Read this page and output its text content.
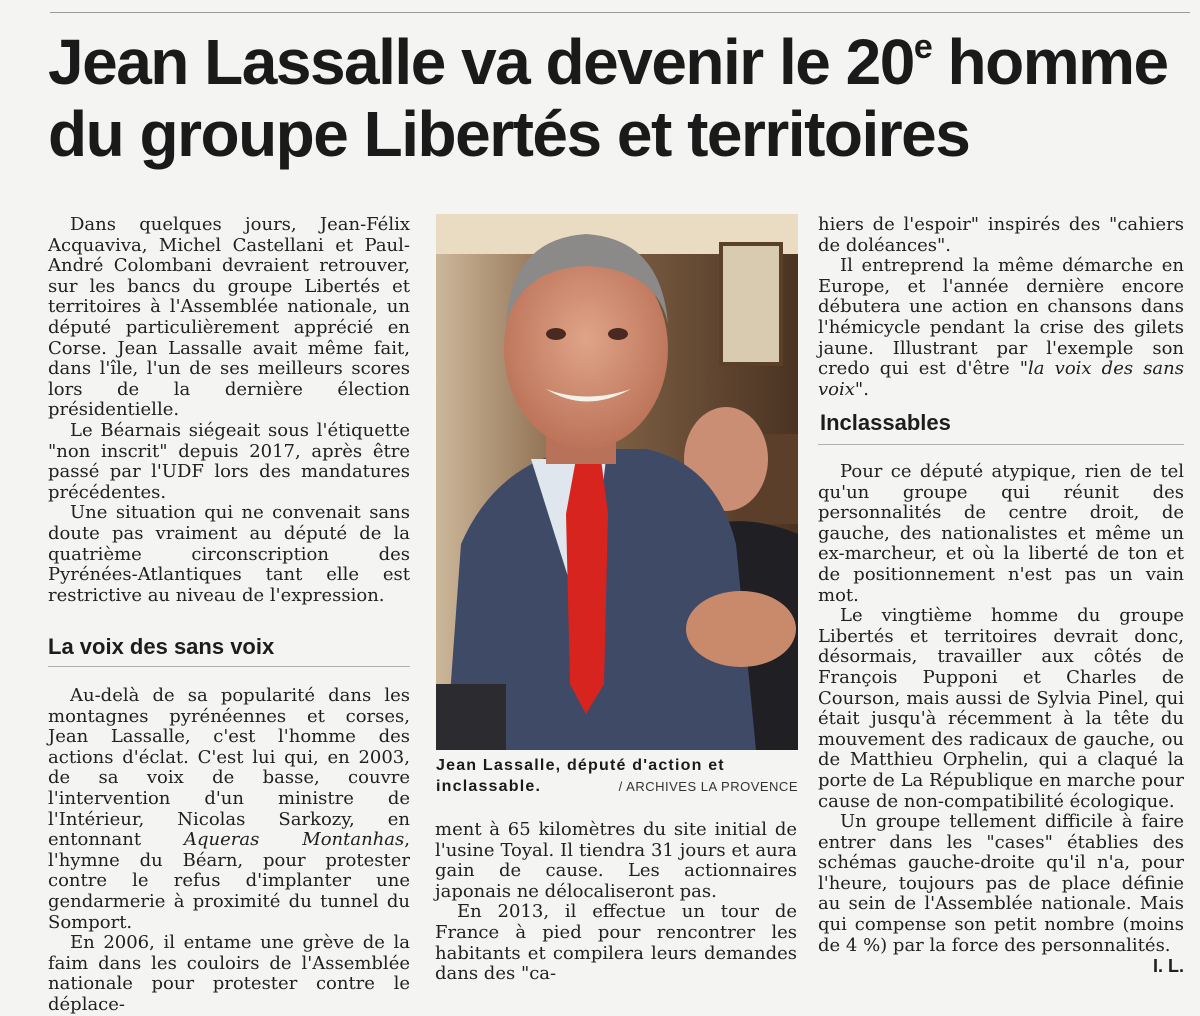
Jean Lassalle va devenir le 20e homme du groupe Libertés et territoires

Dans quelques jours, Jean-Félix Acquaviva, Michel Castellani et Paul-André Colombani devraient retrouver, sur les bancs du groupe Libertés et territoires à l'Assemblée nationale, un député particulièrement apprécié en Corse. Jean Lassalle avait même fait, dans l'île, l'un de ses meilleurs scores lors de la dernière élection présidentielle.

Le Béarnais siégeait sous l'étiquette "non inscrit" depuis 2017, après être passé par l'UDF lors des mandatures précédentes.

Une situation qui ne convenait sans doute pas vraiment au député de la quatrième circonscription des Pyrénées-Atlantiques tant elle est restrictive au niveau de l'expression.

La voix des sans voix

Au-delà de sa popularité dans les montagnes pyrénéennes et corses, Jean Lassalle, c'est l'homme des actions d'éclat. C'est lui qui, en 2003, de sa voix de basse, couvre l'intervention d'un ministre de l'Intérieur, Nicolas Sarkozy, en entonnant Aqueras Montanhas, l'hymne du Béarn, pour protester contre le refus d'implanter une gendarmerie à proximité du tunnel du Somport.

En 2006, il entame une grève de la faim dans les couloirs de l'Assemblée nationale pour protester contre le déplace-

Jean Lassalle, député d'action et inclassable.	/ ARCHIVES LA PROVENCE

ment à 65 kilomètres du site initial de l'usine Toyal. Il tiendra 31 jours et aura gain de cause. Les actionnaires japonais ne délocaliseront pas.

En 2013, il effectue un tour de France à pied pour rencontrer les habitants et compilera leurs demandes dans des "ca-

hiers de l'espoir" inspirés des "cahiers de doléances".

Il entreprend la même démarche en Europe, et l'année dernière encore débutera une action en chansons dans l'hémicycle pendant la crise des gilets jaune. Illustrant par l'exemple son credo qui est d'être "la voix des sans voix".

Inclassables

Pour ce député atypique, rien de tel qu'un groupe qui réunit des personnalités de centre droit, de gauche, des nationalistes et même un ex-marcheur, et où la liberté de ton et de positionnement n'est pas un vain mot.

Le vingtième homme du groupe Libertés et territoires devrait donc, désormais, travailler aux côtés de François Pupponi et Charles de Courson, mais aussi de Sylvia Pinel, qui était jusqu'à récemment à la tête du mouvement des radicaux de gauche, ou de Matthieu Orphelin, qui a claqué la porte de La République en marche pour cause de non-compatibilité écologique.

Un groupe tellement difficile à faire entrer dans les "cases" établies des schémas gauche-droite qu'il n'a, pour l'heure, toujours pas de place définie au sein de l'Assemblée nationale. Mais qui compense son petit nombre (moins de 4 %) par la force des personnalités.
I. L.
